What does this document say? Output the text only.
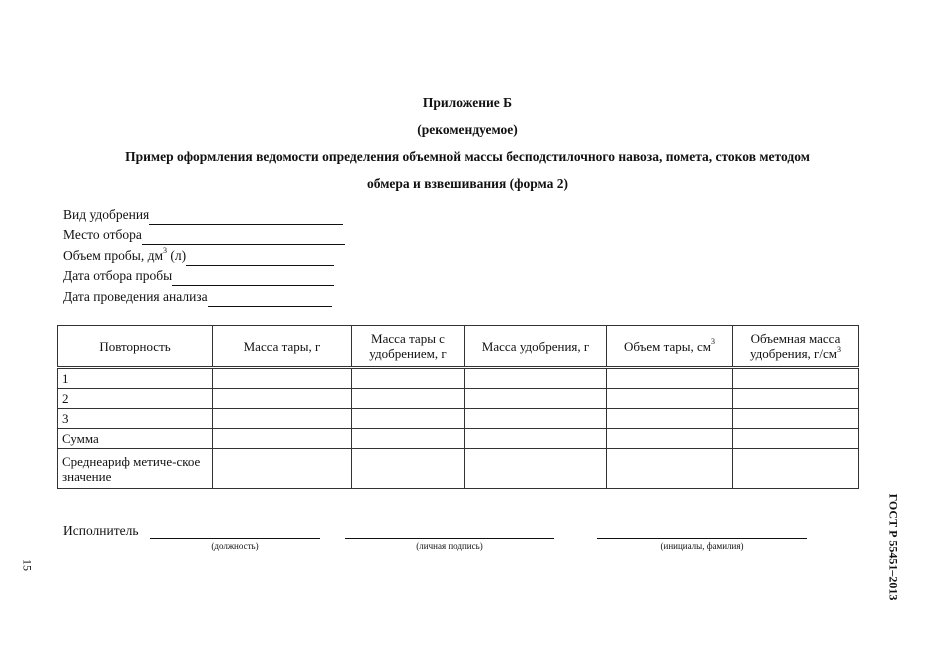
Приложение Б
(рекомендуемое)
Пример оформления ведомости определения объемной массы бесподстилочного навоза, помета, стоков методом
обмера и взвешивания (форма 2)
Вид удобрения
Место отбора
Объем пробы, $дм^3$ (л)
Дата отбора пробы
Дата проведения анализа
Повторность	Масса тары, г	Масса тары с удобрением, г	Масса удобрения, г	Объем тары, $см^3$	Объемная масса удобрения, $г/см^3$
1					
2					
3					
Сумма					
Среднеариф метиче-ское значение					
Исполнитель
(должность)	(личная подпись)	(инициалы, фамилия)	ГОСТ Р 55451–2013
15
